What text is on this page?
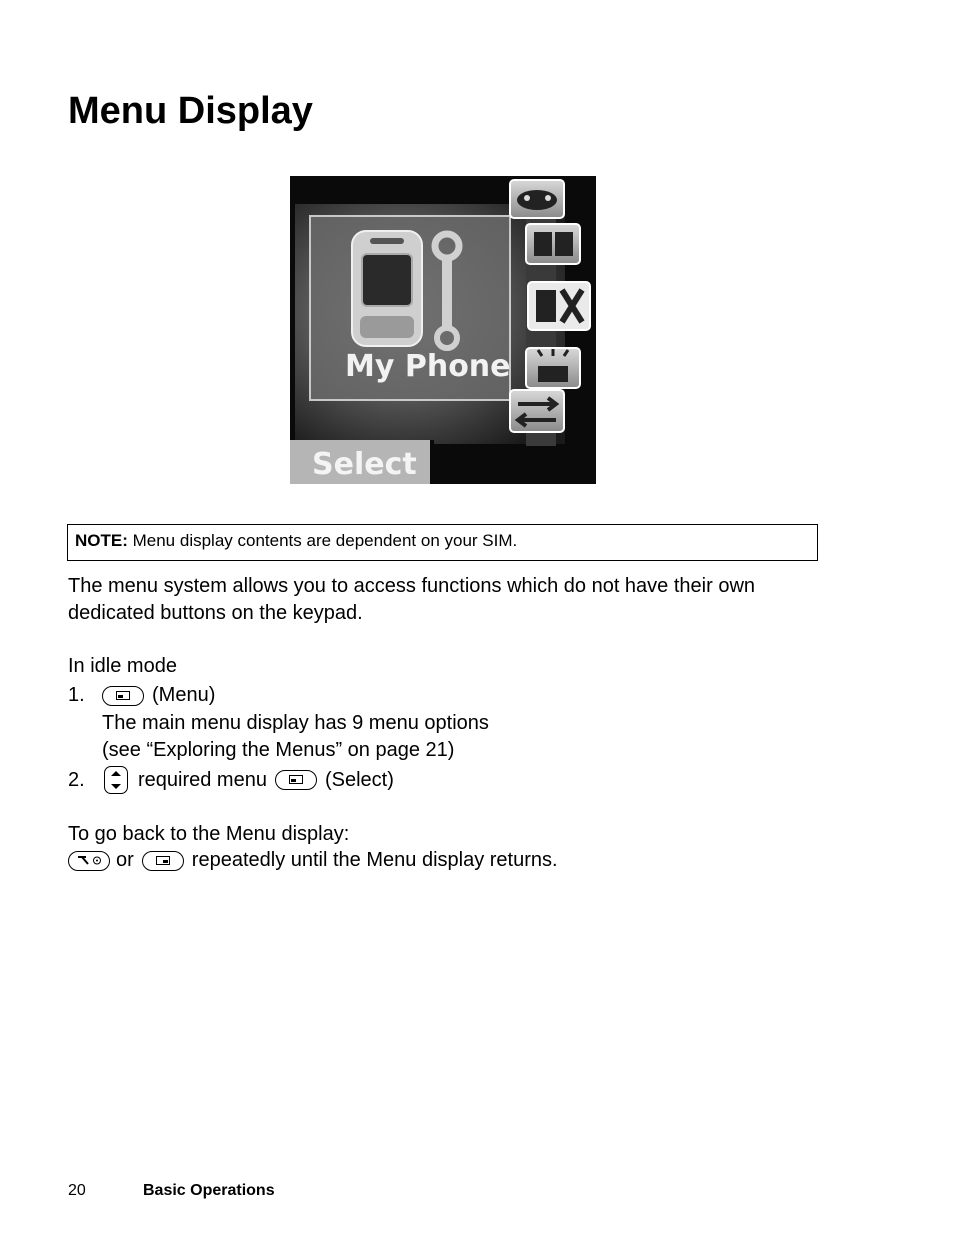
Menu Display
My Phone
Select
NOTE: Menu display contents are dependent on your SIM.

The menu system allows you to access functions which do not have their own dedicated buttons on the keypad.

In idle mode

1.	(Menu)

The main menu display has 9 menu options

(see “Exploring the Menus” on page 21)

2.	required menu	(Select)

To go back to the Menu display:

or	repeatedly until the Menu display returns.
20	Basic Operations
